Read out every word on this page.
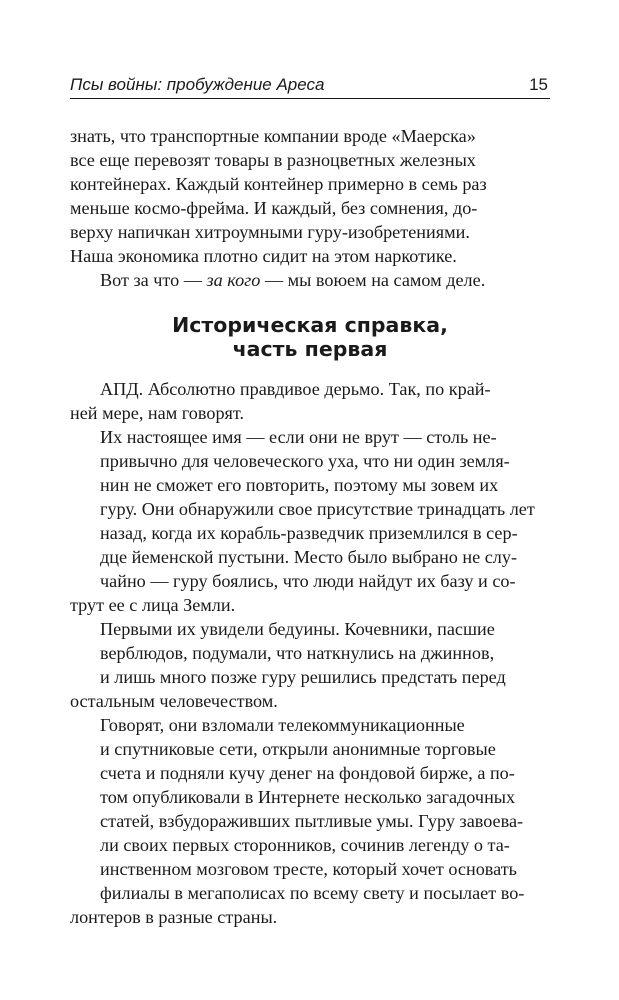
Псы войны: пробуждение Ареса	15

знать, что транспортные компании вроде «Маерска»
все еще перевозят товары в разноцветных железных
контейнерах. Каждый контейнер примерно в семь раз
меньше космо-фрейма. И каждый, без сомнения, до-
верху напичкан хитроумными гуру-изобретениями.
Наша экономика плотно сидит на этом наркотике.

Вот за что — за кого — мы воюем на самом деле.

Историческая справка,
часть первая

АПД. Абсолютно правдивое дерьмо. Так, по край-
ней мере, нам говорят.

Их настоящее имя — если они не врут — столь не-
привычно для человеческого уха, что ни один земля-
нин не сможет его повторить, поэтому мы зовем их
гуру. Они обнаружили свое присутствие тринадцать лет
назад, когда их корабль-разведчик приземлился в сер-
дце йеменской пустыни. Место было выбрано не слу-
чайно — гуру боялись, что люди найдут их базу и со-
трут ее с лица Земли.

Первыми их увидели бедуины. Кочевники, пасшие
верблюдов, подумали, что наткнулись на джиннов,
и лишь много позже гуру решились предстать перед
остальным человечеством.

Говорят, они взломали телекоммуникационные
и спутниковые сети, открыли анонимные торговые
счета и подняли кучу денег на фондовой бирже, а по-
том опубликовали в Интернете несколько загадочных
статей, взбудораживших пытливые умы. Гуру завоева-
ли своих первых сторонников, сочинив легенду о та-
инственном мозговом тресте, который хочет основать
филиалы в мегаполисах по всему свету и посылает во-
лонтеров в разные страны.
